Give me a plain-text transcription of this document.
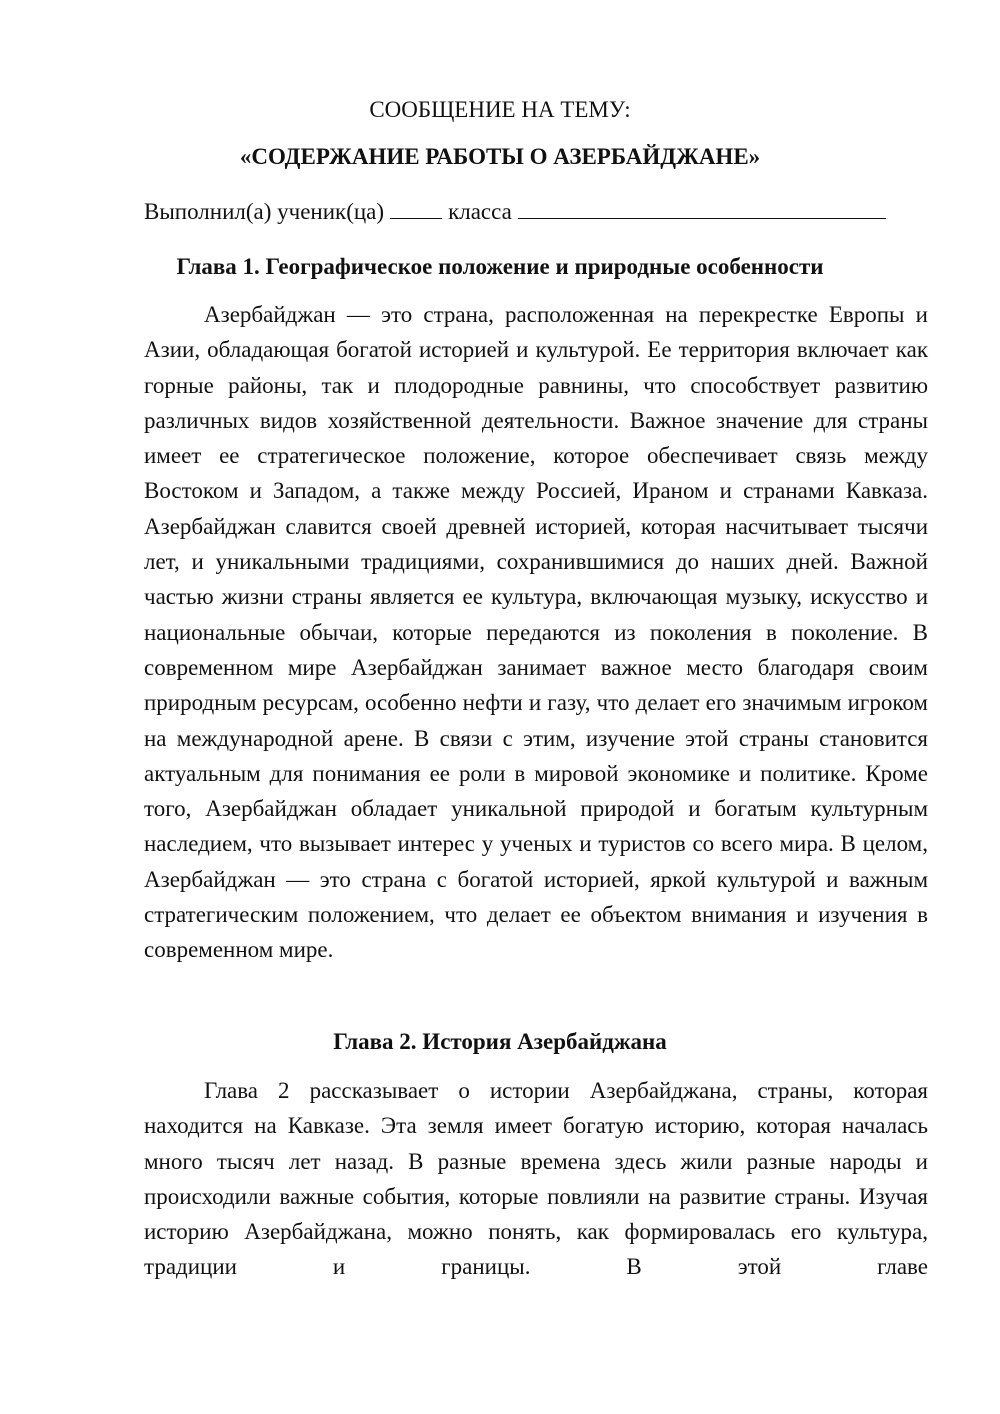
СООБЩЕНИЕ НА ТЕМУ:
«СОДЕРЖАНИЕ РАБОТЫ О АЗЕРБАЙДЖАНЕ»
Выполнил(а) ученик(ца)	класса
Глава 1. Географическое положение и природные особенности

Азербайджан — это страна, расположенная на перекрестке Европы и Азии, обладающая богатой историей и культурой. Ее территория включает как горные районы, так и плодородные равнины, что способствует развитию различных видов хозяйственной деятельности. Важное значение для страны имеет ее стратегическое положение, которое обеспечивает связь между Востоком и Западом, а также между Россией, Ираном и странами Кавказа. Азербайджан славится своей древней историей, которая насчитывает тысячи лет, и уникальными традициями, сохранившимися до наших дней. Важной частью жизни страны является ее культура, включающая музыку, искусство и национальные обычаи, которые передаются из поколения в поколение. В современном мире Азербайджан занимает важное место благодаря своим природным ресурсам, особенно нефти и газу, что делает его значимым игроком на международной арене. В связи с этим, изучение этой страны становится актуальным для понимания ее роли в мировой экономике и политике. Кроме того, Азербайджан обладает уникальной природой и богатым культурным наследием, что вызывает интерес у ученых и туристов со всего мира. В целом, Азербайджан — это страна с богатой историей, яркой культурой и важным стратегическим положением, что делает ее объектом внимания и изучения в современном мире.

Глава 2. История Азербайджана

Глава 2 рассказывает о истории Азербайджана, страны, которая находится на Кавказе. Эта земля имеет богатую историю, которая началась много тысяч лет назад. В разные времена здесь жили разные народы и происходили важные события, которые повлияли на развитие страны. Изучая историю Азербайджана, можно понять, как формировалась его культура, традиции и границы. В этой главе
